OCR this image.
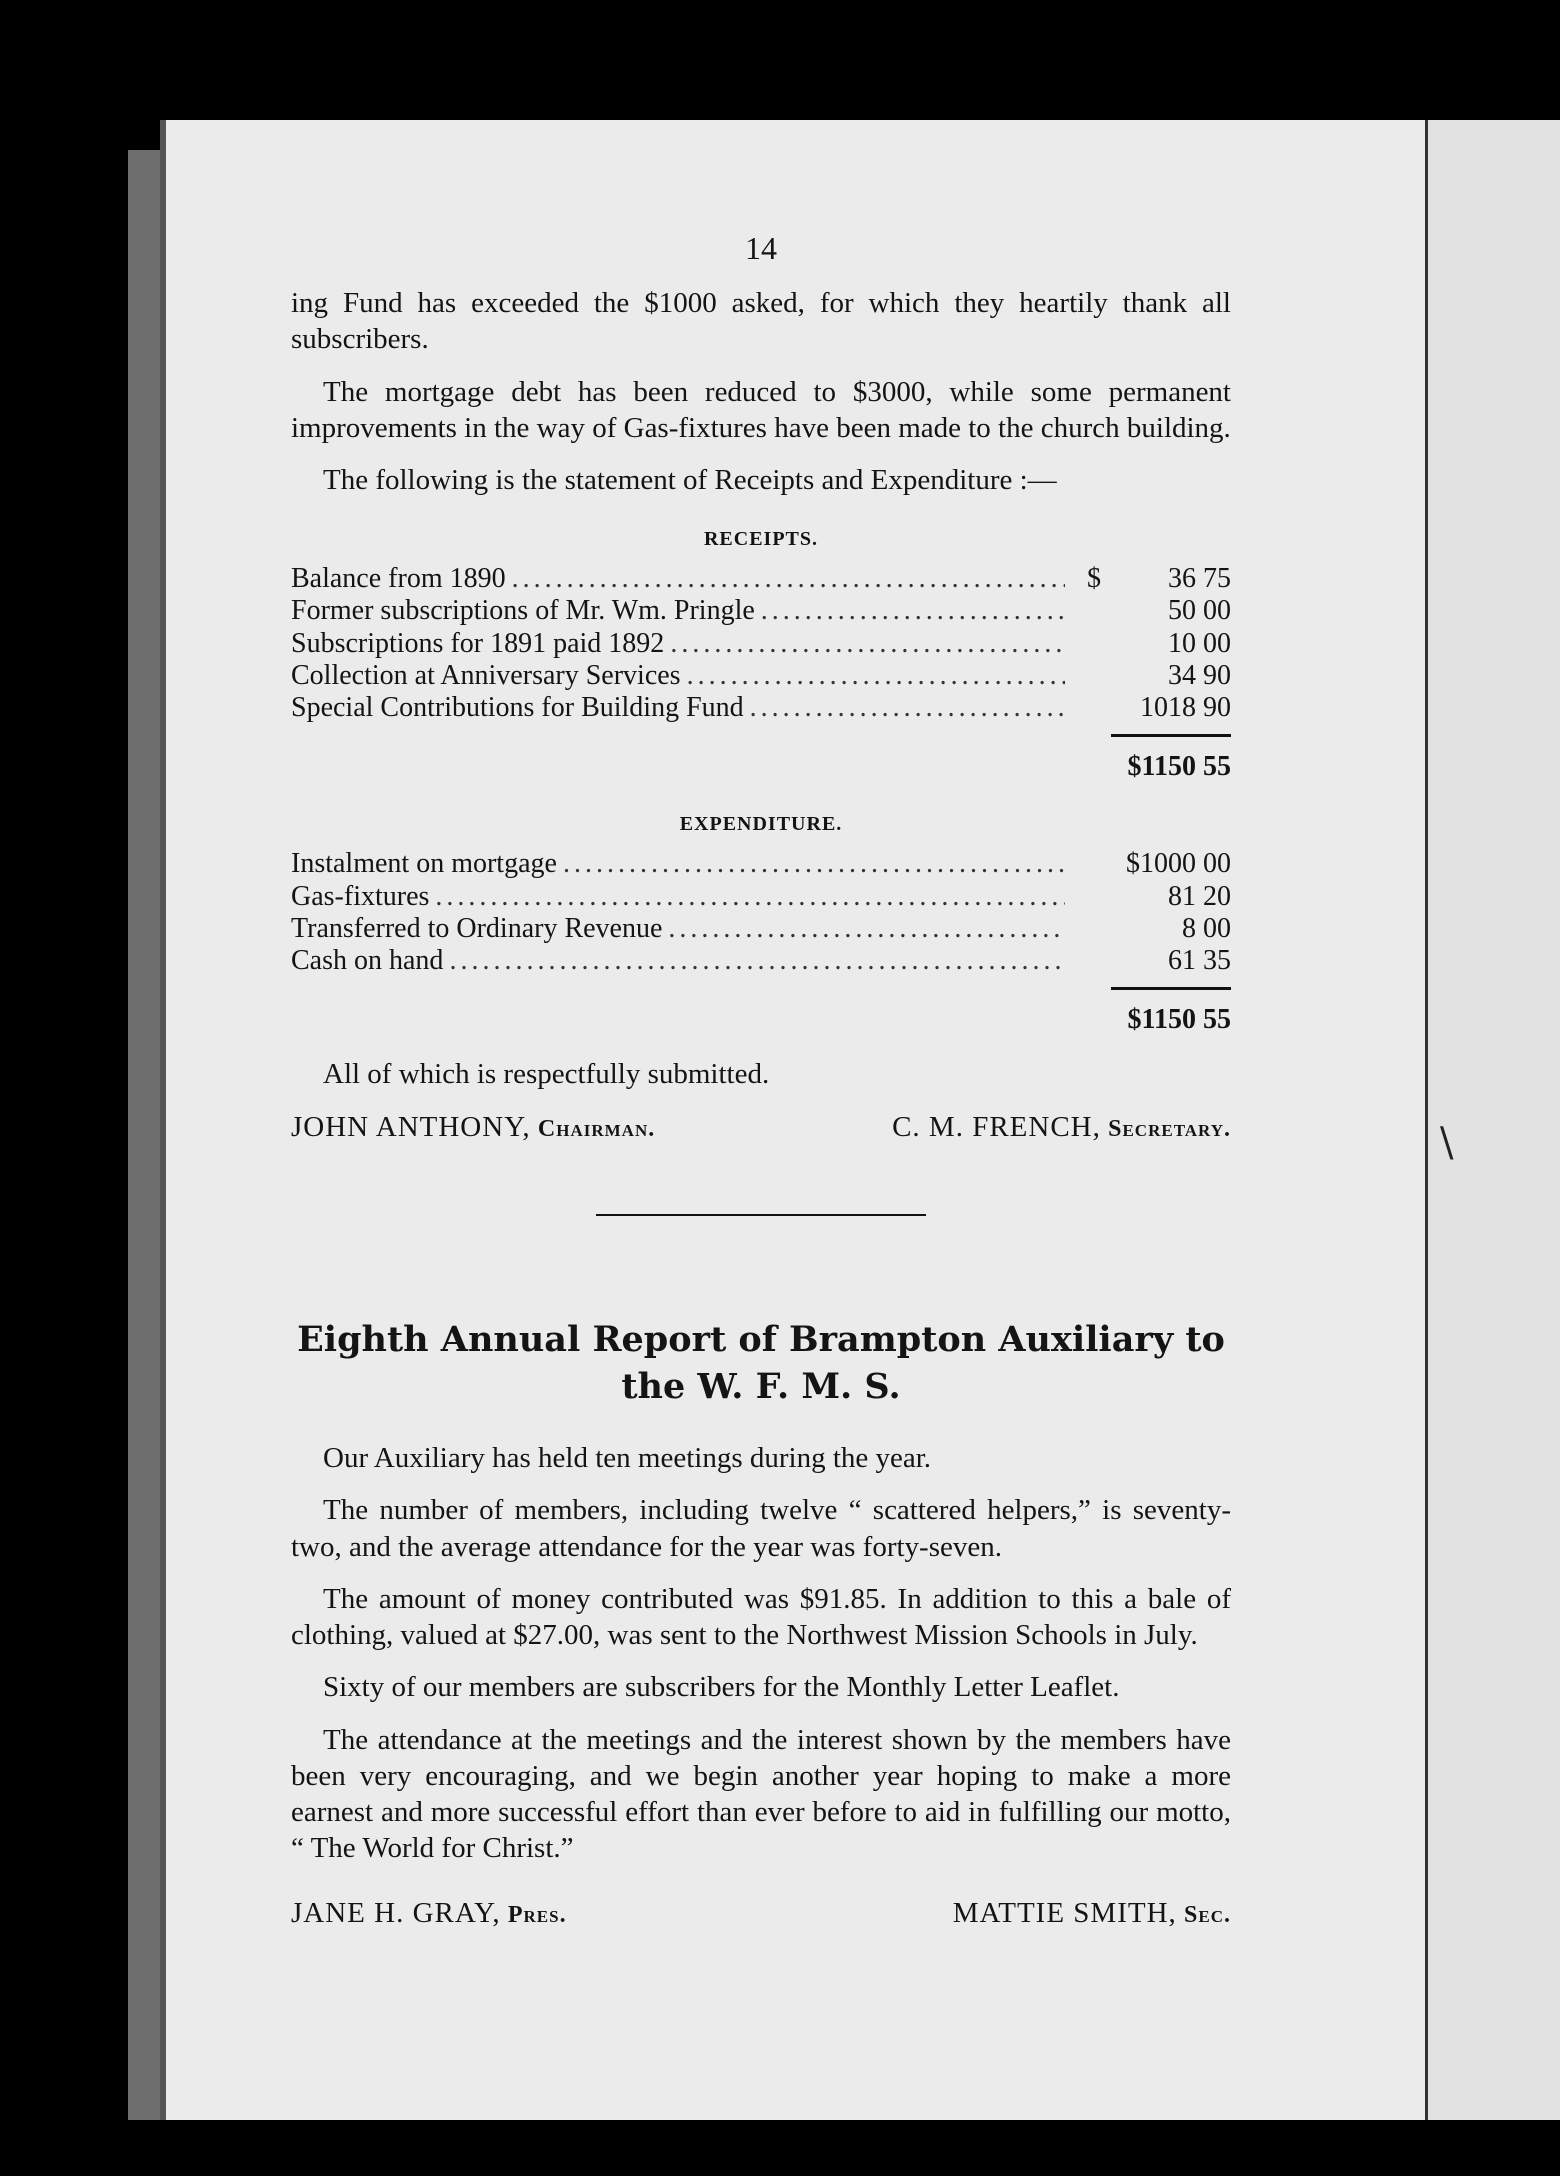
14

ing Fund has exceeded the $1000 asked, for which they heartily thank all subscribers.

The mortgage debt has been reduced to $3000, while some permanent improvements in the way of Gas-fixtures have been made to the church building.

The following is the statement of Receipts and Expenditure :—

RECEIPTS.
Balance from 1890 .....	$	36 75
Former subscriptions of Mr. Wm. Pringle .....	50 00
Subscriptions for 1891 paid 1892 .....	10 00
Collection at Anniversary Services .....	34 90
Special Contributions for Building Fund .....	1018 90
$1150 55
EXPENDITURE.
Instalment on mortgage .....	$1000 00
Gas-fixtures .....	81 20
Transferred to Ordinary Revenue .....	8 00
Cash on hand .....	61 35
$1150 55

All of which is respectfully submitted.

JOHN ANTHONY, Chairman.	C. M. FRENCH, Secretary.
Eighth Annual Report of Brampton Auxiliary to
the W. F. M. S.

Our Auxiliary has held ten meetings during the year.

The number of members, including twelve “ scattered helpers,” is seventy-two, and the average attendance for the year was forty-seven.

The amount of money contributed was $91.85. In addition to this a bale of clothing, valued at $27.00, was sent to the Northwest Mission Schools in July.

Sixty of our members are subscribers for the Monthly Letter Leaflet.

The attendance at the meetings and the interest shown by the members have been very encouraging, and we begin another year hoping to make a more earnest and more successful effort than ever before to aid in fulfilling our motto, “ The World for Christ.”

JANE H. GRAY, Pres.	MATTIE SMITH, Sec.
\
